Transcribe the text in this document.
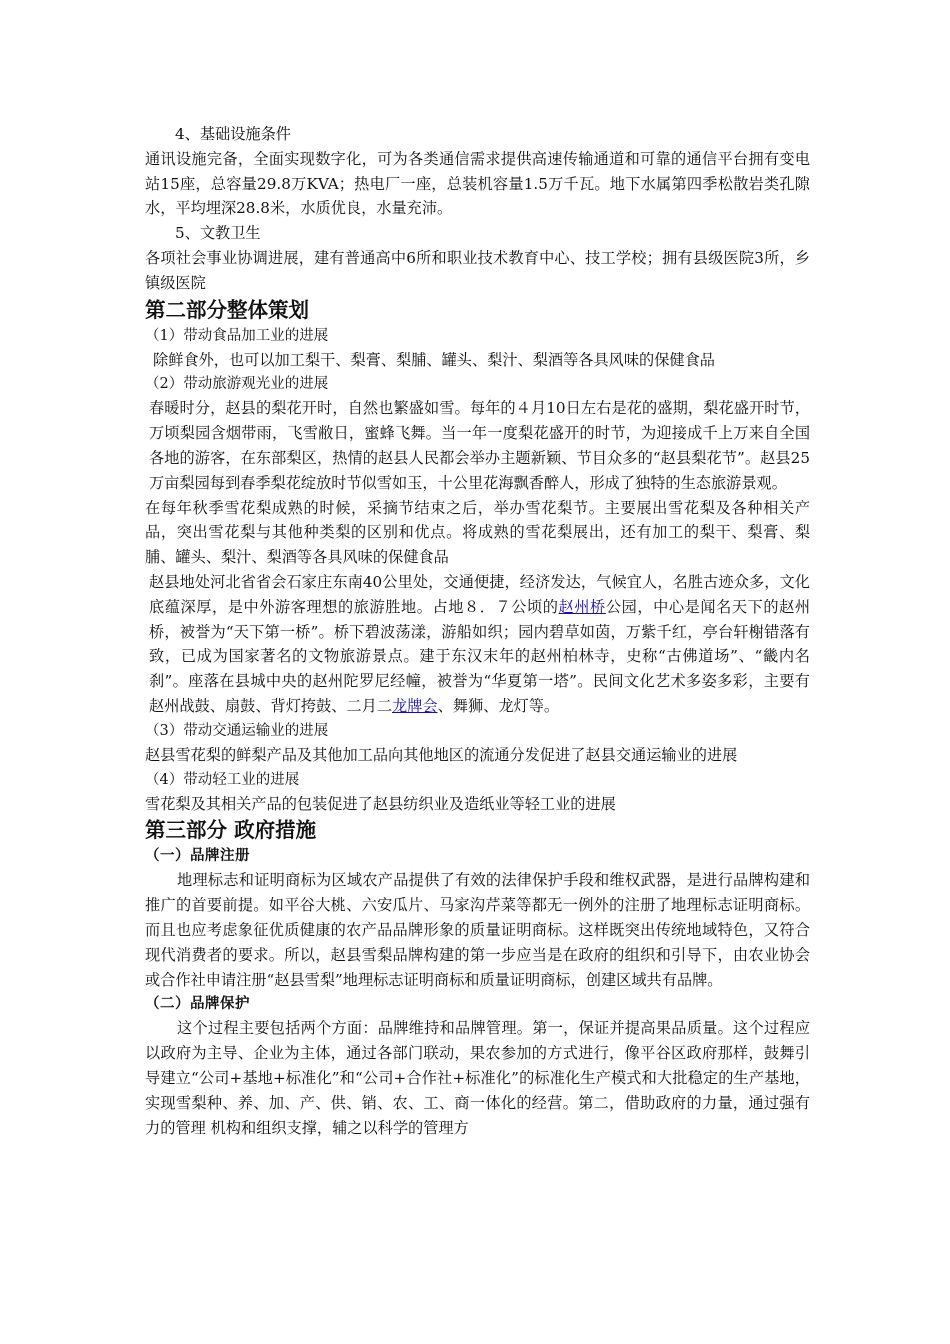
4、基础设施条件

通讯设施完备，全面实现数字化，可为各类通信需求提供高速传输通道和可靠的通信平台拥有变电站15座，总容量29.8万KVA；热电厂一座，总装机容量1.5万千瓦。地下水属第四季松散岩类孔隙水，平均埋深28.8米，水质优良，水量充沛。

5、文教卫生

各项社会事业协调进展，建有普通高中6所和职业技术教育中心、技工学校；拥有县级医院3所，乡镇级医院

第二部分整体策划

（1）带动食品加工业的进展

除鲜食外，也可以加工梨干、梨膏、梨脯、罐头、梨汁、梨酒等各具风味的保健食品

（2）带动旅游观光业的进展

春暖时分，赵县的梨花开时，自然也繁盛如雪。每年的４月10日左右是花的盛期，梨花盛开时节，万顷梨园含烟带雨，飞雪敝日，蜜蜂飞舞。当一年一度梨花盛开的时节，为迎接成千上万来自全国各地的游客，在东部梨区，热情的赵县人民都会举办主题新颖、节目众多的“赵县梨花节”。赵县25万亩梨园每到春季梨花绽放时节似雪如玉，十公里花海飘香醉人，形成了独特的生态旅游景观。

在每年秋季雪花梨成熟的时候，采摘节结束之后，举办雪花梨节。主要展出雪花梨及各种相关产品，突出雪花梨与其他种类梨的区别和优点。将成熟的雪花梨展出，还有加工的梨干、梨膏、梨脯、罐头、梨汁、梨酒等各具风味的保健食品

赵县地处河北省省会石家庄东南40公里处，交通便捷，经济发达，气候宜人，名胜古迹众多，文化底蕴深厚，是中外游客理想的旅游胜地。占地８．７公顷的赵州桥公园，中心是闻名天下的赵州桥，被誉为“天下第一桥”。桥下碧波荡漾，游船如织；园内碧草如茵，万紫千红，亭台轩榭错落有致，已成为国家著名的文物旅游景点。建于东汉末年的赵州柏林寺，史称“古佛道场”、“畿内名刹”。座落在县城中央的赵州陀罗尼经幢，被誉为“华夏第一塔”。民间文化艺术多姿多彩，主要有赵州战鼓、扇鼓、背灯挎鼓、二月二龙牌会、舞狮、龙灯等。

（3）带动交通运输业的进展

赵县雪花梨的鲜梨产品及其他加工品向其他地区的流通分发促进了赵县交通运输业的进展

（4）带动轻工业的进展

雪花梨及其相关产品的包装促进了赵县纺织业及造纸业等轻工业的进展

第三部分 政府措施

（一）品牌注册

地理标志和证明商标为区域农产品提供了有效的法律保护手段和维权武器，是进行品牌构建和推广的首要前提。如平谷大桃、六安瓜片、马家沟芹菜等都无一例外的注册了地理标志证明商标。而且也应考虑象征优质健康的农产品品牌形象的质量证明商标。这样既突出传统地域特色，又符合现代消费者的要求。所以，赵县雪梨品牌构建的第一步应当是在政府的组织和引导下，由农业协会或合作社申请注册“赵县雪梨”地理标志证明商标和质量证明商标，创建区域共有品牌。

（二）品牌保护

这个过程主要包括两个方面：品牌维持和品牌管理。第一，保证并提高果品质量。这个过程应以政府为主导、企业为主体，通过各部门联动，果农参加的方式进行，像平谷区政府那样，鼓舞引导建立“公司+基地+标准化”和“公司+合作社+标准化”的标准化生产模式和大批稳定的生产基地，实现雪梨种、养、加、产、供、销、农、工、商一体化的经营。第二，借助政府的力量，通过强有力的管理 机构和组织支撑，辅之以科学的管理方
